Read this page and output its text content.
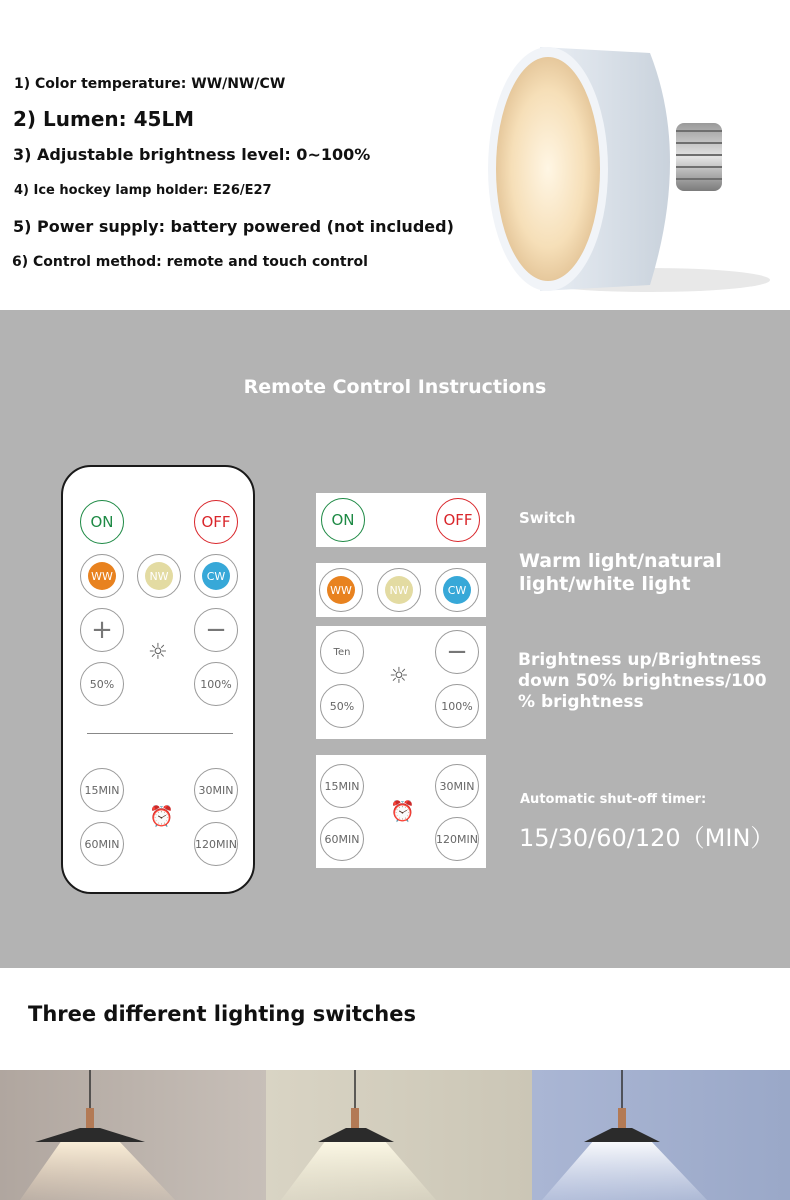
1) Color temperature: WW/NW/CW
2) Lumen: 45LM
3) Adjustable brightness level: 0~100%
4) Ice hockey lamp holder: E26/E27
5) Power supply: battery powered (not included)
6) Control method: remote and touch control
Remote Control Instructions
ON	OFF
WW	NW	CW
+	−
☼
50%	100%
15MIN	30MIN
⏰
60MIN	120MIN
ON	OFF	Switch
WW	NW	CW
Warm light/natural
light/white light
Ten	−
☼
50%	100%
Brightness up/Brightness
down 50% brightness/100
% brightness
15MIN	30MIN
⏰
60MIN	120MIN
Automatic shut-off timer:
15/30/60/120（MIN）
Three different lighting switches
